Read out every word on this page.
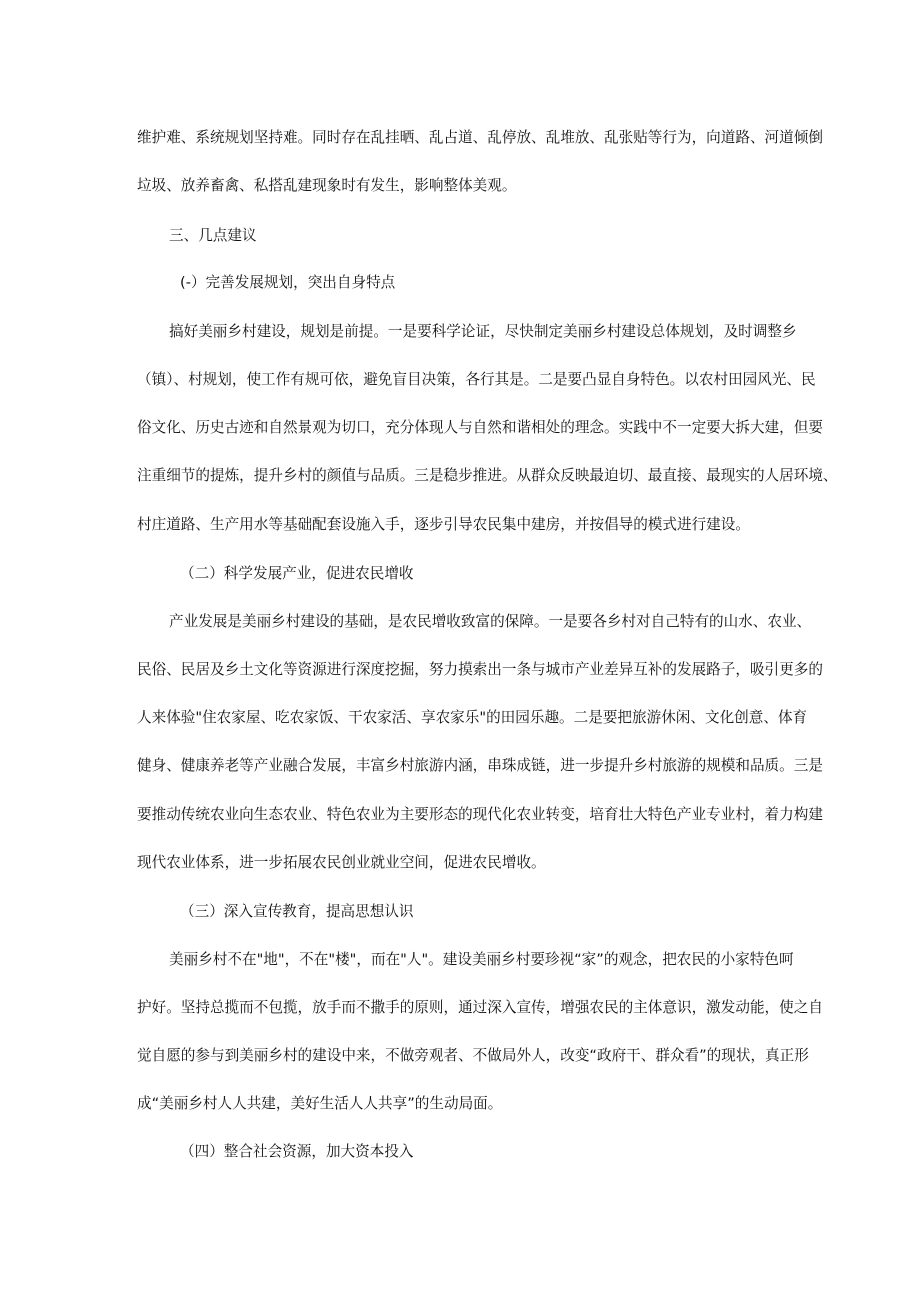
维护难、系统规划坚持难。同时存在乱挂晒、乱占道、乱停放、乱堆放、乱张贴等行为，向道路、河道倾倒
垃圾、放养畜禽、私搭乱建现象时有发生，影响整体美观。
三、几点建议
(-）完善发展规划，突出自身特点
搞好美丽乡村建设，规划是前提。一是要科学论证，尽快制定美丽乡村建设总体规划，及时调整乡
（镇）、村规划，使工作有规可依，避免盲目决策，各行其是。二是要凸显自身特色。以农村田园风光、民
俗文化、历史古迹和自然景观为切口，充分体现人与自然和谐相处的理念。实践中不一定要大拆大建，但要
注重细节的提炼，提升乡村的颜值与品质。三是稳步推进。从群众反映最迫切、最直接、最现实的人居环境、
村庄道路、生产用水等基础配套设施入手，逐步引导农民集中建房，并按倡导的模式进行建设。
（二）科学发展产业，促进农民增收
产业发展是美丽乡村建设的基础，是农民增收致富的保障。一是要各乡村对自己特有的山水、农业、
民俗、民居及乡土文化等资源进行深度挖掘，努力摸索出一条与城市产业差异互补的发展路子，吸引更多的
人来体验"住农家屋、吃农家饭、干农家活、享农家乐"的田园乐趣。二是要把旅游休闲、文化创意、体育
健身、健康养老等产业融合发展，丰富乡村旅游内涵，串珠成链，进一步提升乡村旅游的规模和品质。三是
要推动传统农业向生态农业、特色农业为主要形态的现代化农业转变，培育壮大特色产业专业村，着力构建
现代农业体系，进一步拓展农民创业就业空间，促进农民增收。
（三）深入宣传教育，提高思想认识
美丽乡村不在"地"，不在"楼"，而在"人"。建设美丽乡村要珍视“家”的观念，把农民的小家特色呵
护好。坚持总揽而不包揽，放手而不撒手的原则，通过深入宣传，增强农民的主体意识，激发动能，使之自
觉自愿的参与到美丽乡村的建设中来，不做旁观者、不做局外人，改变“政府干、群众看”的现状，真正形
成“美丽乡村人人共建，美好生活人人共享”的生动局面。
（四）整合社会资源，加大资本投入
